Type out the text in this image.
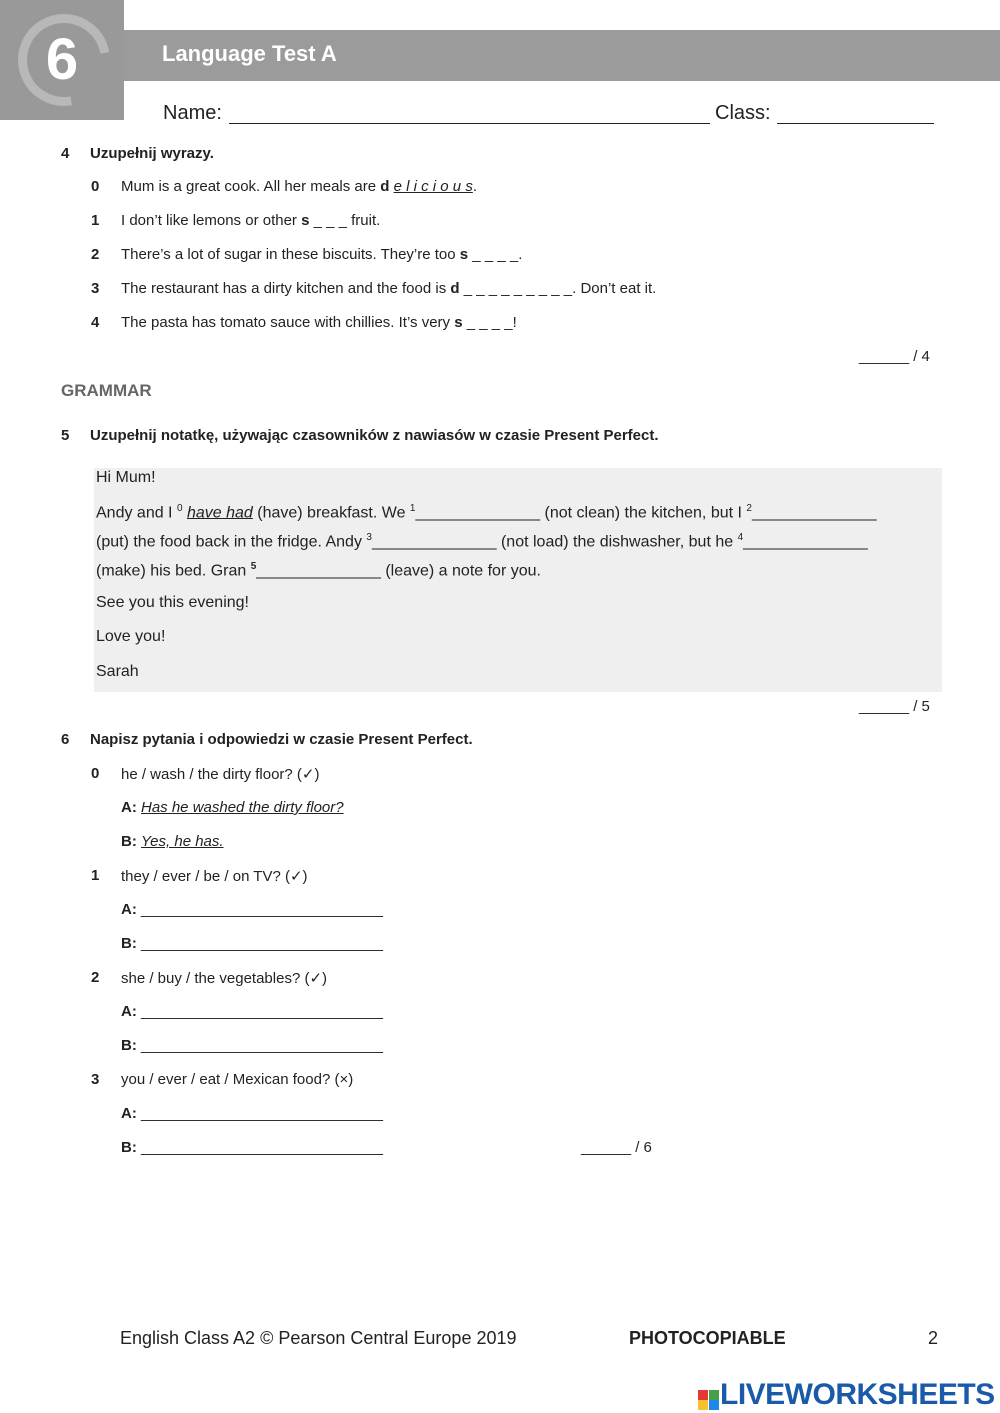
6	Language Test A
Name:	Class:
4 Uzupełnij wyrazy.
0 Mum is a great cook. All her meals are d e l i c i o u s.
1 I don’t like lemons or other s _ _ _ fruit.
2 There’s a lot of sugar in these biscuits. They’re too s _ _ _ _.
3 The restaurant has a dirty kitchen and the food is d _ _ _ _ _ _ _ _ _. Don’t eat it.
4 The pasta has tomato sauce with chillies. It’s very s _ _ _ _!
______ / 4
GRAMMAR
5 Uzupełnij notatkę, używając czasowników z nawiasów w czasie Present Perfect.
Hi Mum!
Andy and I $^0$ have had (have) breakfast. We $^1$______________ (not clean) the kitchen, but I $^2$______________
(put) the food back in the fridge. Andy $^3$______________ (not load) the dishwasher, but he $^4$______________
(make) his bed. Gran $^5$______________ (leave) a note for you.
See you this evening!
Love you!
Sarah
______ / 5
6 Napisz pytania i odpowiedzi w czasie Present Perfect.
0 he / wash / the dirty floor? (✓)
A: Has he washed the dirty floor?
B: Yes, he has.
1 they / ever / be / on TV? (✓)
A: _____________________________
B: _____________________________
2 she / buy / the vegetables? (✓)
A: _____________________________
B: _____________________________
3 you / ever / eat / Mexican food? (×)
A: _____________________________
B: _____________________________	______ / 6
English Class A2 © Pearson Central Europe 2019	PHOTOCOPIABLE	2

LIVEWORKSHEETS
